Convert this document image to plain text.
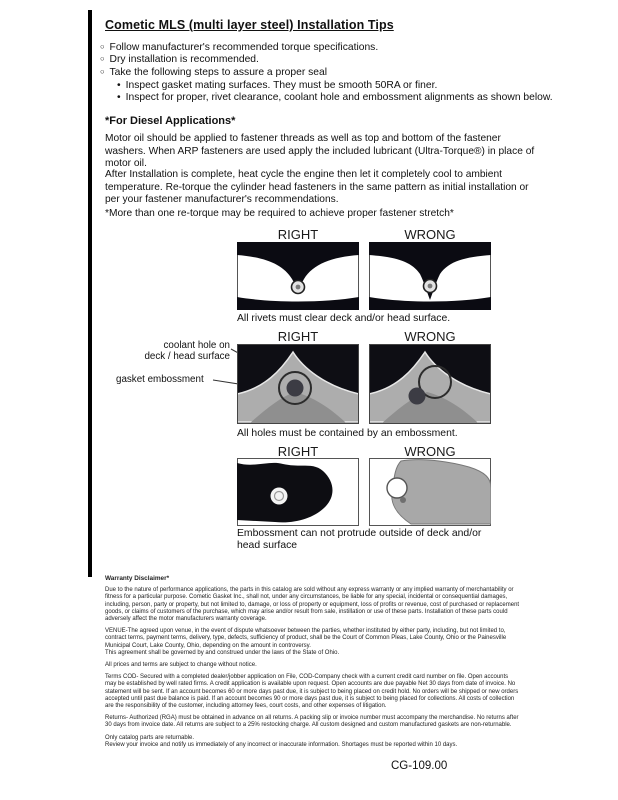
Cometic MLS (multi layer steel) Installation Tips
○ Follow manufacturer's recommended torque specifications.
○ Dry installation is recommended.
○ Take the following steps to assure a proper seal
• Inspect gasket mating surfaces. They must be smooth 50RA or finer.
• Inspect for proper, rivet clearance, coolant hole and embossment alignments as shown below.
*For Diesel Applications*

Motor oil should be applied to fastener threads as well as top and bottom of the fastener washers. When ARP fasteners are used apply the included lubricant (Ultra-Torque®) in place of motor oil.

After Installation is complete, heat cycle the engine then let it completely cool to ambient temperature. Re-torque the cylinder head fasteners in the same pattern as initial installation or per your fastener manufacturer's recommendations.

*More than one re-torque may be required to achieve proper fastener stretch*

RIGHT	WRONG
All rivets must clear deck and/or head surface.
RIGHT	WRONG
coolant hole on
deck / head surface
gasket embossment
All holes must be contained by an embossment.
RIGHT	WRONG
Embossment can not protrude outside of deck and/or head surface

Warranty Disclaimer*

Due to the nature of performance applications, the parts in this catalog are sold without any express warranty or any implied warranty of merchantability or fitness for a particular purpose. Cometic Gasket Inc., shall not, under any circumstances, be liable for any special, incidental or consequential damages, including, person, party or property, but not limited to, damage, or loss of property or equipment, loss of profits or revenue, cost of purchased or replacement goods, or claims of customers of the purchase, which may arise and/or result from sale, instillation or use of these parts. Installation of these parts could adversely affect the motor manufacturers warranty coverage.

VENUE-The agreed upon venue, in the event of dispute whatsoever between the parties, whether instituted by either party, including, but not limited to, contract terms, payment terms, delivery, type, defects, sufficiency of product, shall be the Court of Common Pleas, Lake County, Ohio or the Painesville Municipal Court, Lake County, Ohio, depending on the amount in controversy.

This agreement shall be governed by and construed under the laws of the State of Ohio.

All prices and terms are subject to change without notice.

Terms COD- Secured with a completed dealer/jobber application on File, COD-Company check with a current credit card number on file. Open accounts may be established by well rated firms. A credit application is available upon request. Open accounts are due payable Net 30 days from date of invoice. No statement will be sent. If an account becomes 60 or more days past due, it is subject to being placed on credit hold. No orders will be shipped or new orders accepted until past due balance is paid. If an account becomes 90 or more days past due, it is subject to being placed for collections. All costs of collection are the responsibility of the customer, including attorney fees, court costs, and other expenses of litigation.

Returns- Authorized (RGA) must be obtained in advance on all returns. A packing slip or invoice number must accompany the merchandise. No returns after 30 days from invoice date. All returns are subject to a 25% restocking charge. All custom designed and custom manufactured gaskets are non-returnable.

Only catalog parts are returnable.

Review your invoice and notify us immediately of any incorrect or inaccurate information. Shortages must be reported within 10 days.

CG-109.00
